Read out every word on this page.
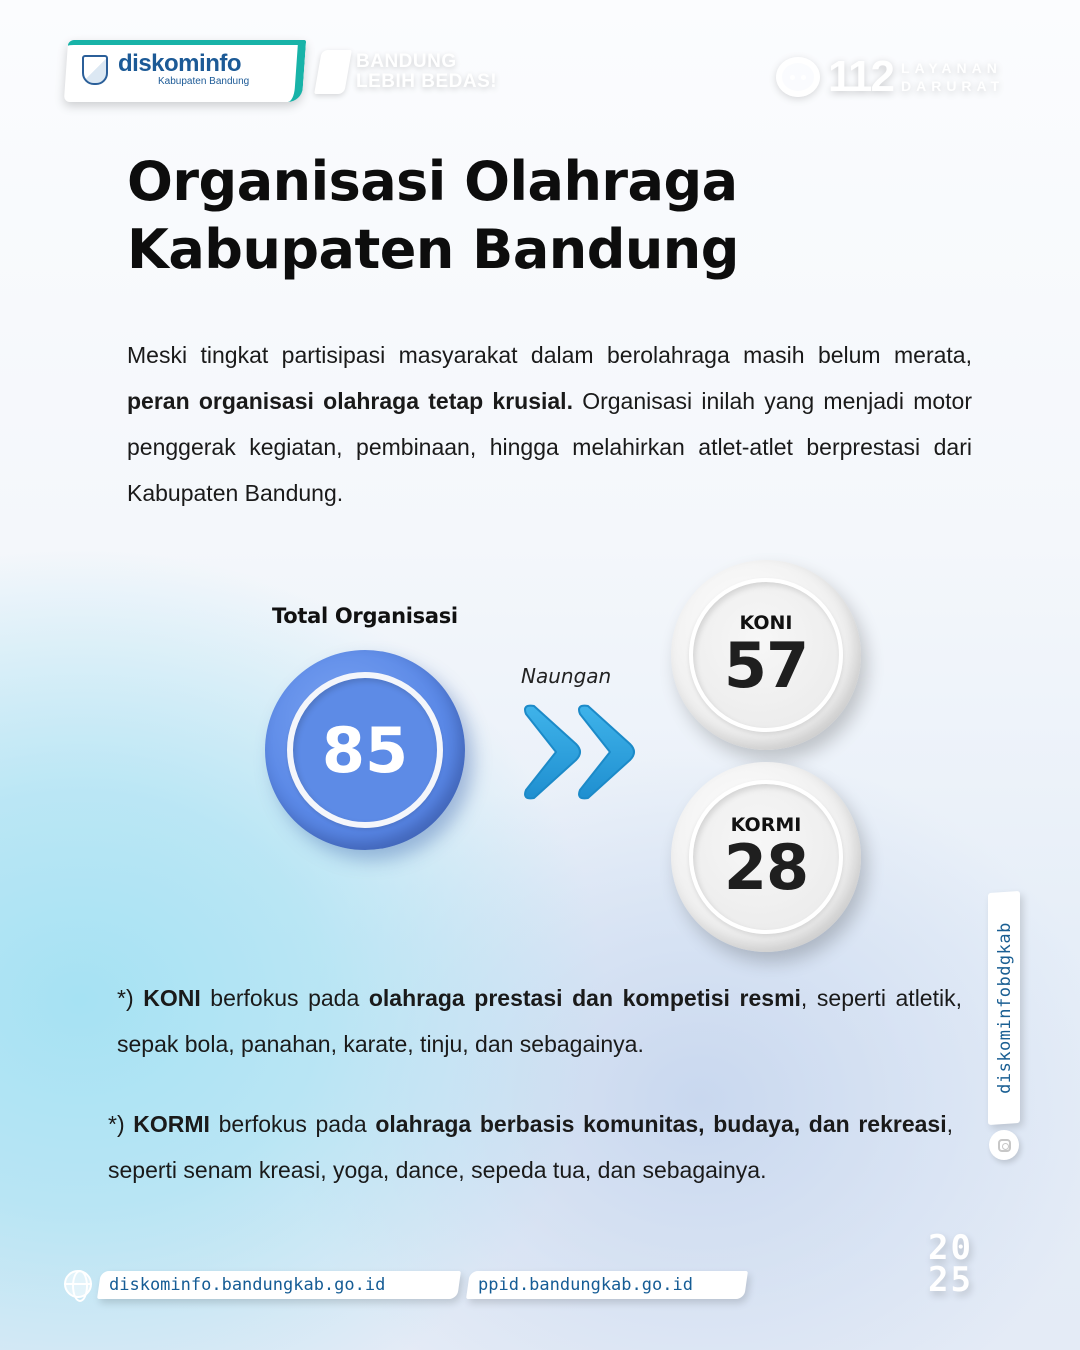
diskominfo
Kabupaten Bandung
BANDUNG
LEBIH BEDAS!	112 LAYANAN
DARURAT
Organisasi Olahraga
Kabupaten Bandung

Meski tingkat partisipasi masyarakat dalam berolahraga masih belum merata, peran organisasi olahraga tetap krusial. Organisasi inilah yang menjadi motor penggerak kegiatan, pembinaan, hingga melahirkan atlet-atlet berprestasi dari Kabupaten Bandung.

Total Organisasi
85
Naungan
KONI
57
KORMI
28

*) KONI berfokus pada olahraga prestasi dan kompetisi resmi, seperti atletik, sepak bola, panahan, karate, tinju, dan sebagainya.

*) KORMI berfokus pada olahraga berbasis komunitas, budaya, dan rekreasi, seperti senam kreasi, yoga, dance, sepeda tua, dan sebagainya.

diskominfobdgkab
diskominfo.bandungkab.go.id	ppid.bandungkab.go.id
20
25
